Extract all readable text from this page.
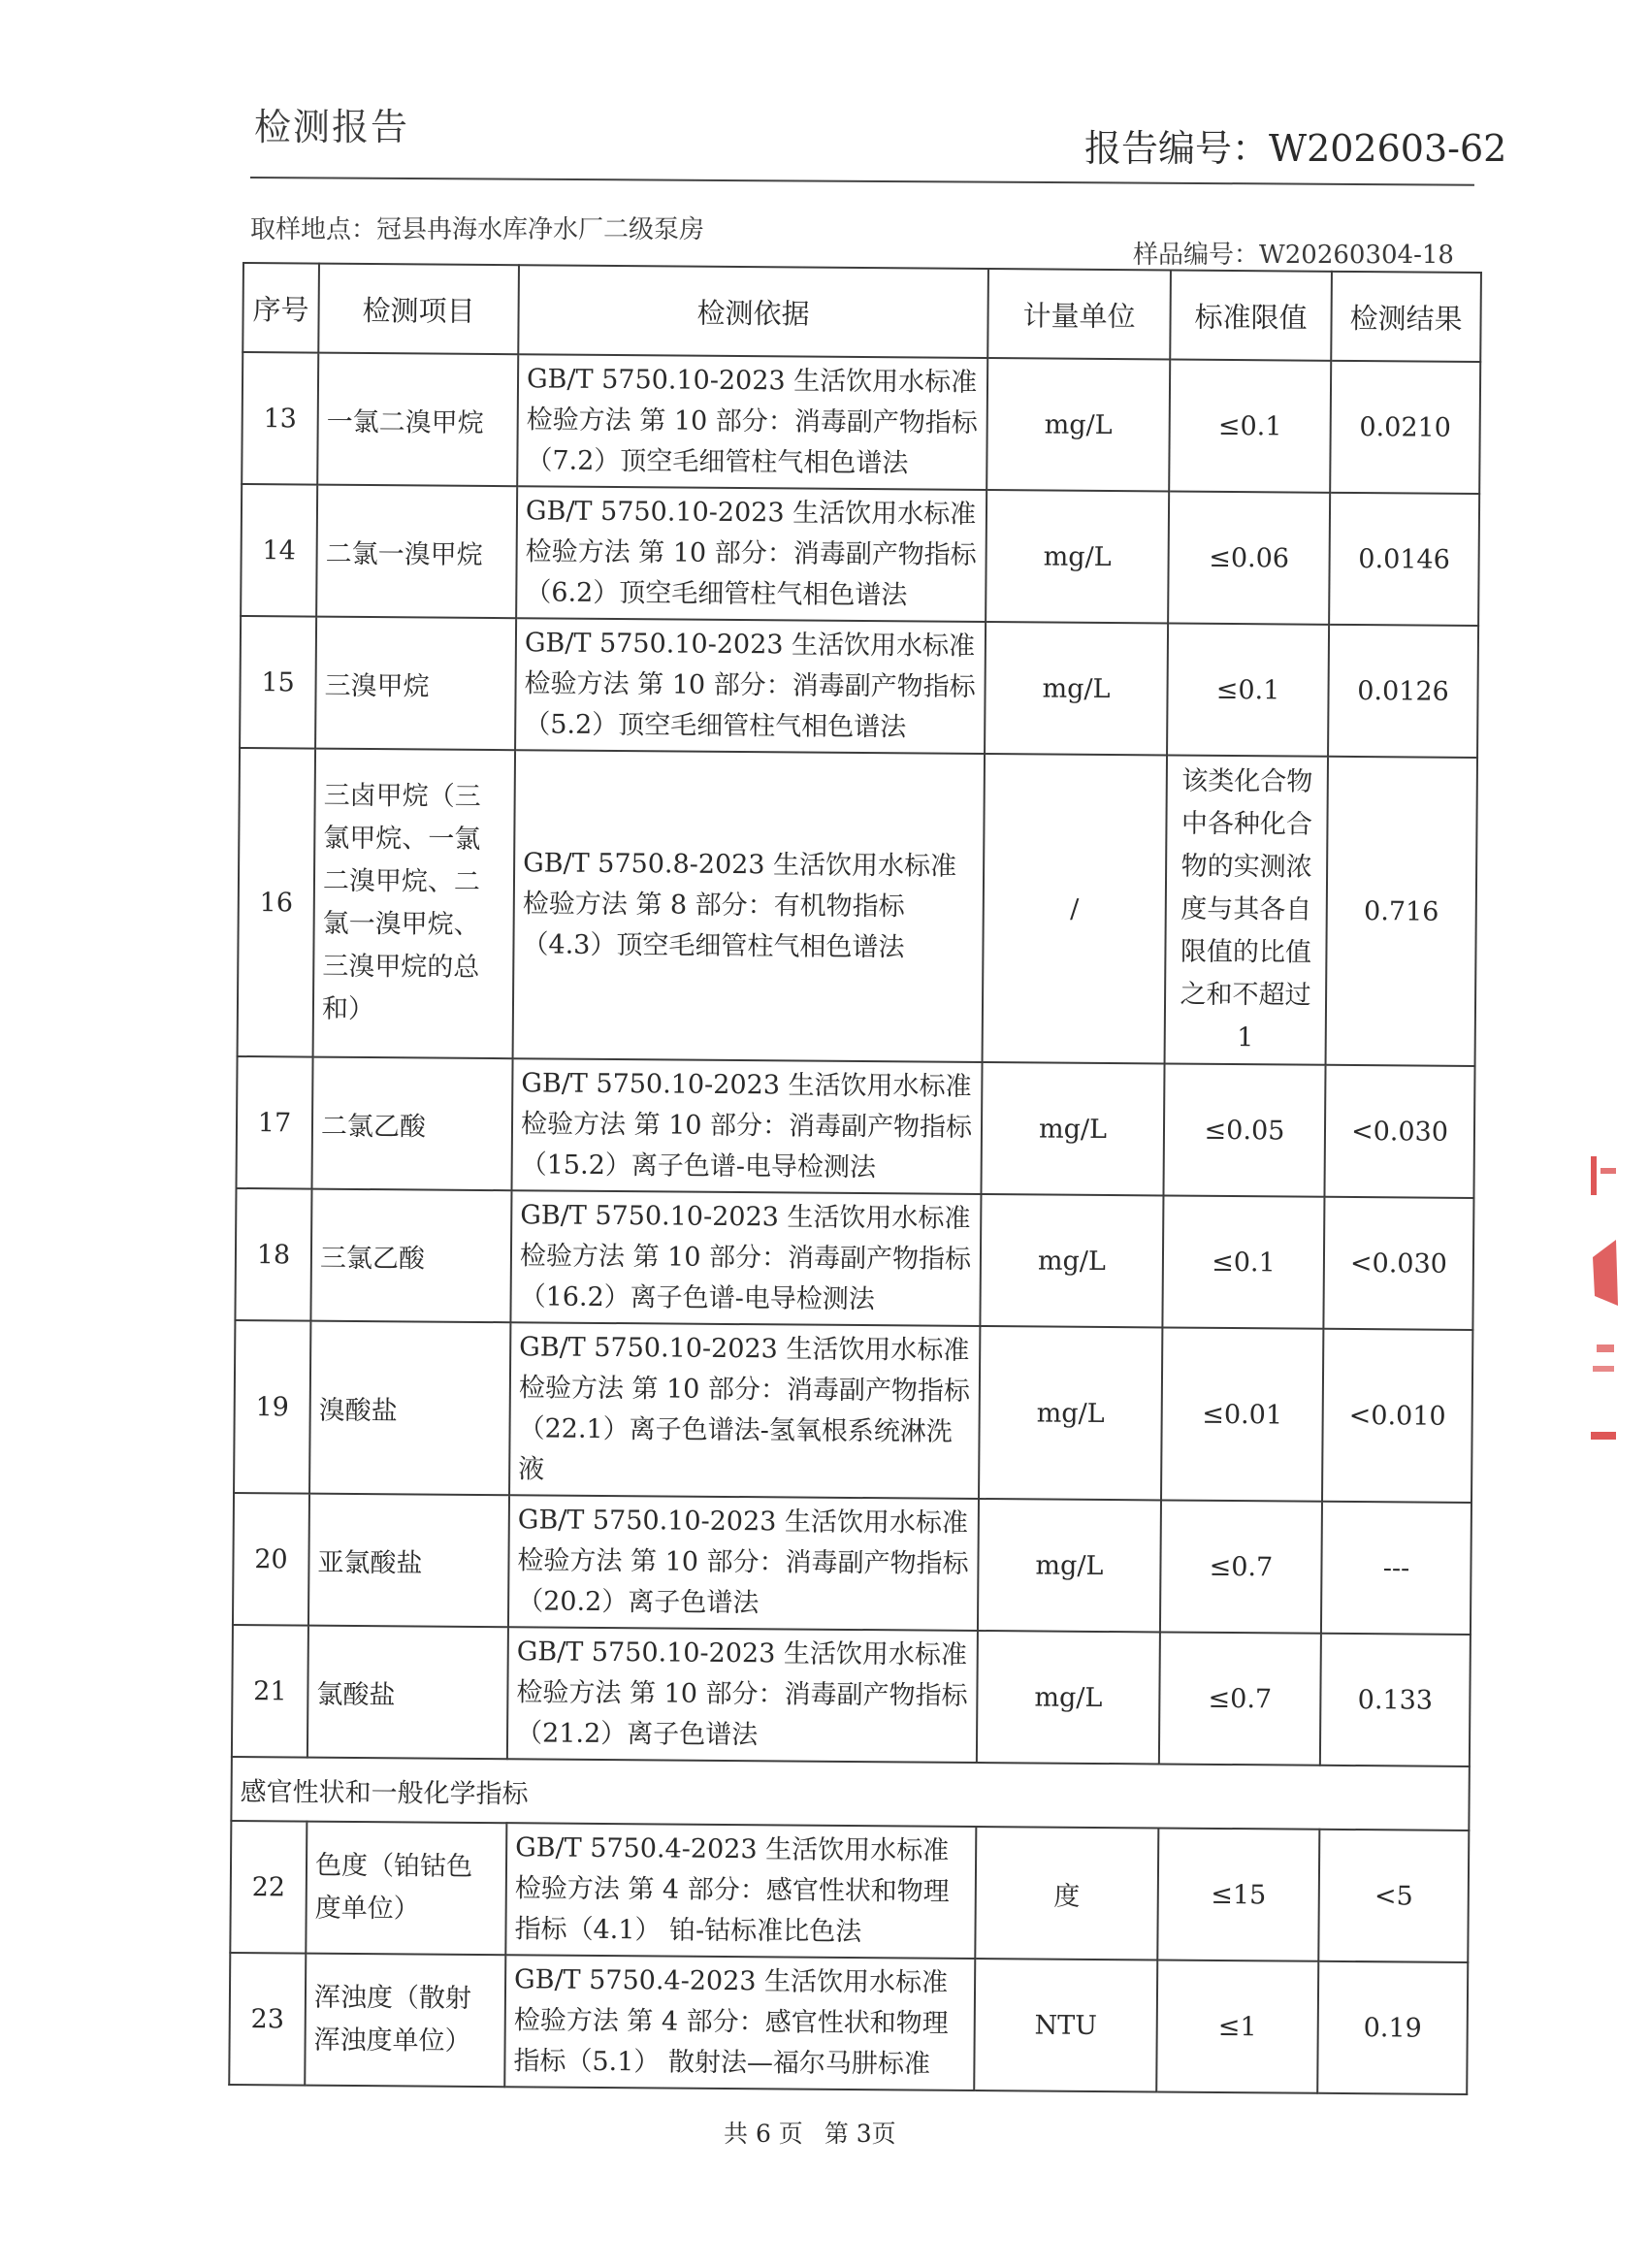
检测报告	报告编号：W202603-62
取样地点：冠县冉海水库净水厂二级泵房
样品编号：W20260304-18
序号	检测项目	检测依据	计量单位	标准限值	检测结果
13	一氯二溴甲烷	GB/T 5750.10-2023 生活饮用水标准检验方法 第 10 部分：消毒副产物指标（7.2）顶空毛细管柱气相色谱法	mg/L	≤0.1	0.0210
14	二氯一溴甲烷	GB/T 5750.10-2023 生活饮用水标准检验方法 第 10 部分：消毒副产物指标（6.2）顶空毛细管柱气相色谱法	mg/L	≤0.06	0.0146
15	三溴甲烷	GB/T 5750.10-2023 生活饮用水标准检验方法 第 10 部分：消毒副产物指标（5.2）顶空毛细管柱气相色谱法	mg/L	≤0.1	0.0126
16	三卤甲烷（三氯甲烷、一氯二溴甲烷、二氯一溴甲烷、三溴甲烷的总和）	GB/T 5750.8-2023 生活饮用水标准检验方法 第 8 部分：有机物指标（4.3）顶空毛细管柱气相色谱法	/	该类化合物中各种化合物的实测浓度与其各自限值的比值之和不超过1	0.716
17	二氯乙酸	GB/T 5750.10-2023 生活饮用水标准检验方法 第 10 部分：消毒副产物指标（15.2）离子色谱-电导检测法	mg/L	≤0.05	<0.030
18	三氯乙酸	GB/T 5750.10-2023 生活饮用水标准检验方法 第 10 部分：消毒副产物指标（16.2）离子色谱-电导检测法	mg/L	≤0.1	<0.030
19	溴酸盐	GB/T 5750.10-2023 生活饮用水标准检验方法 第 10 部分：消毒副产物指标（22.1）离子色谱法-氢氧根系统淋洗液	mg/L	≤0.01	<0.010
20	亚氯酸盐	GB/T 5750.10-2023 生活饮用水标准检验方法 第 10 部分：消毒副产物指标（20.2）离子色谱法	mg/L	≤0.7	---
21	氯酸盐	GB/T 5750.10-2023 生活饮用水标准检验方法 第 10 部分：消毒副产物指标（21.2）离子色谱法	mg/L	≤0.7	0.133
感官性状和一般化学指标					
22	色度（铂钴色度单位）	GB/T 5750.4-2023 生活饮用水标准检验方法 第 4 部分：感官性状和物理指标（4.1） 铂-钴标准比色法	度	≤15	<5
23	浑浊度（散射浑浊度单位）	GB/T 5750.4-2023 生活饮用水标准检验方法 第 4 部分：感官性状和物理指标（5.1） 散射法—福尔马肼标准	NTU	≤1	0.19
共 6 页 第 3页
